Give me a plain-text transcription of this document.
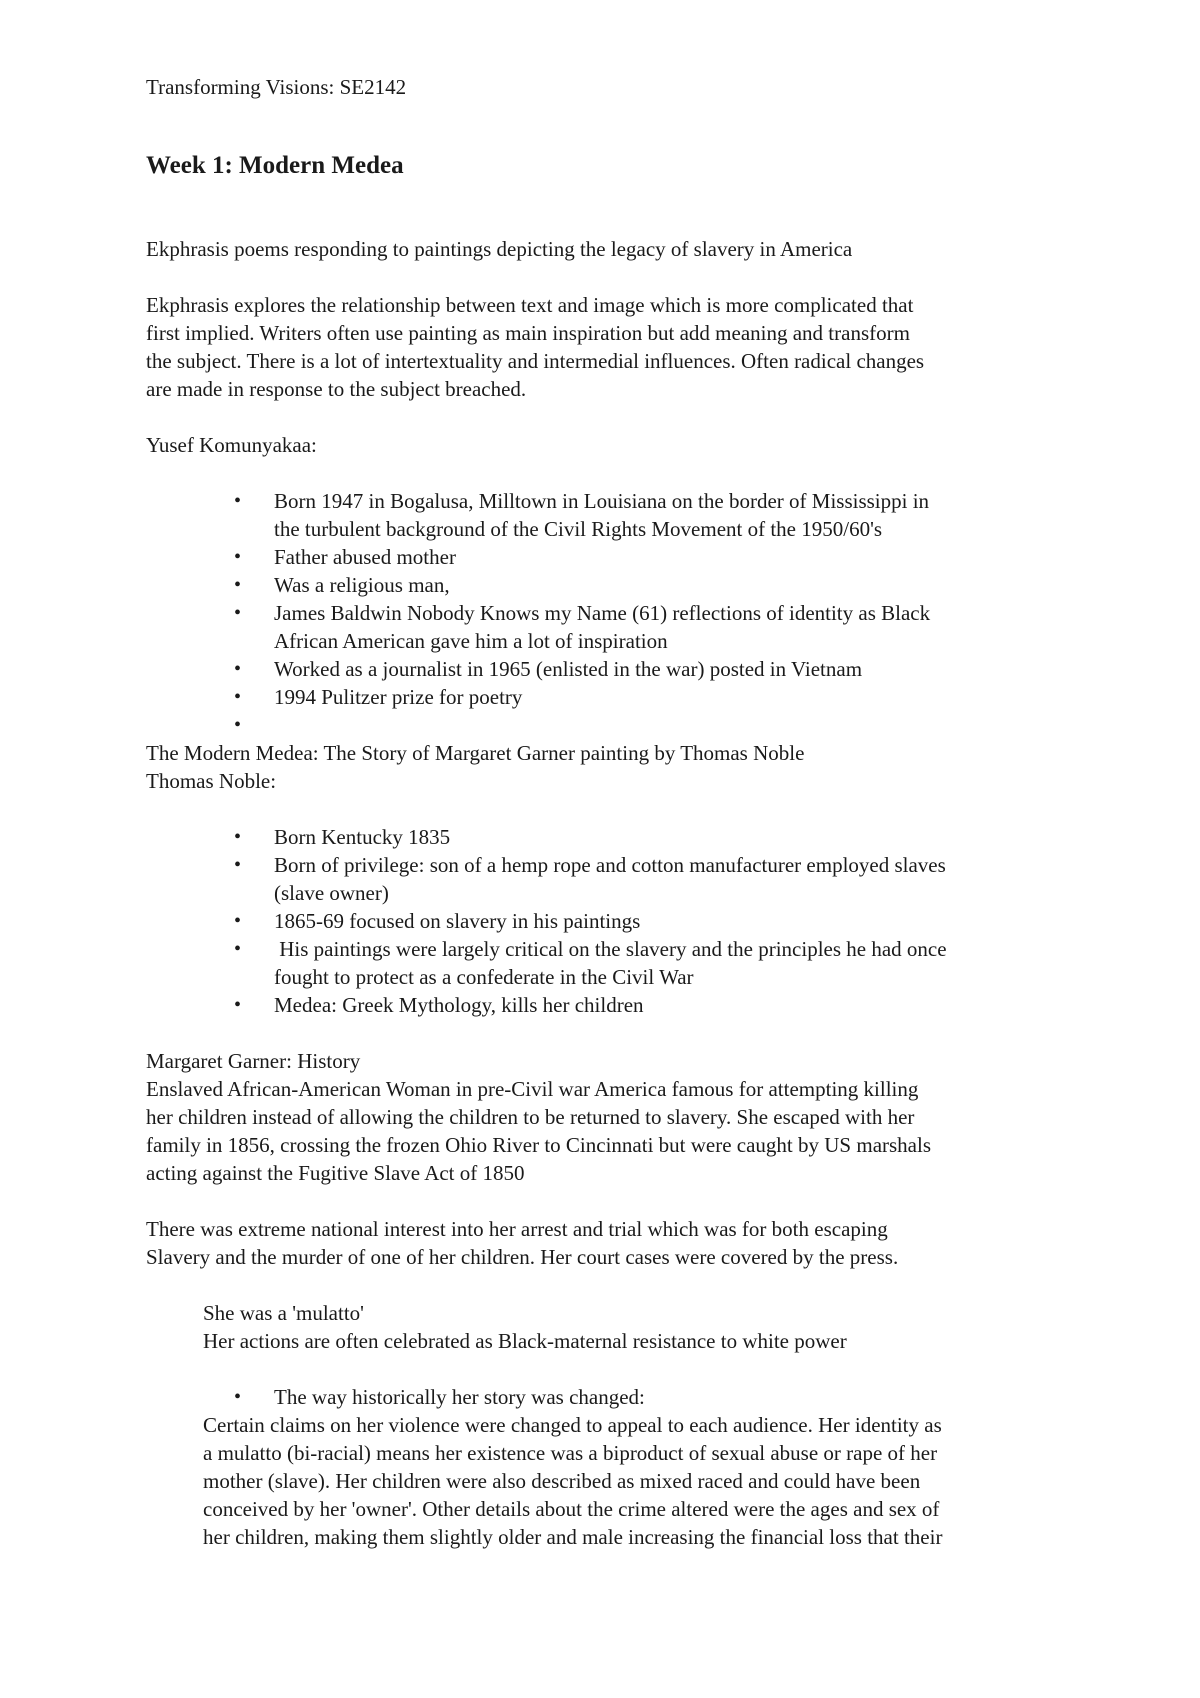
Transforming Visions: SE2142

Week 1: Modern Medea

Ekphrasis poems responding to paintings depicting the legacy of slavery in America

Ekphrasis explores the relationship between text and image which is more complicated that
first implied. Writers often use painting as main inspiration but add meaning and transform
the subject. There is a lot of intertextuality and intermedial influences. Often radical changes
are made in response to the subject breached.

Yusef Komunyakaa:

• Born 1947 in Bogalusa, Milltown in Louisiana on the border of Mississippi in
the turbulent background of the Civil Rights Movement of the 1950/60's
• Father abused mother
• Was a religious man,
• James Baldwin Nobody Knows my Name (61) reflections of identity as Black
African American gave him a lot of inspiration
• Worked as a journalist in 1965 (enlisted in the war) posted in Vietnam
• 1994 Pulitzer prize for poetry
•
The Modern Medea: The Story of Margaret Garner painting by Thomas Noble
Thomas Noble:
• Born Kentucky 1835
• Born of privilege: son of a hemp rope and cotton manufacturer employed slaves
(slave owner)
• 1865-69 focused on slavery in his paintings
• His paintings were largely critical on the slavery and the principles he had once
fought to protect as a confederate in the Civil War
• Medea: Greek Mythology, kills her children
Margaret Garner: History
Enslaved African-American Woman in pre-Civil war America famous for attempting killing
her children instead of allowing the children to be returned to slavery. She escaped with her
family in 1856, crossing the frozen Ohio River to Cincinnati but were caught by US marshals
acting against the Fugitive Slave Act of 1850
There was extreme national interest into her arrest and trial which was for both escaping
Slavery and the murder of one of her children. Her court cases were covered by the press.
She was a 'mulatto'
Her actions are often celebrated as Black-maternal resistance to white power
• The way historically her story was changed:
Certain claims on her violence were changed to appeal to each audience. Her identity as
a mulatto (bi-racial) means her existence was a biproduct of sexual abuse or rape of her
mother (slave). Her children were also described as mixed raced and could have been
conceived by her 'owner'. Other details about the crime altered were the ages and sex of
her children, making them slightly older and male increasing the financial loss that their
